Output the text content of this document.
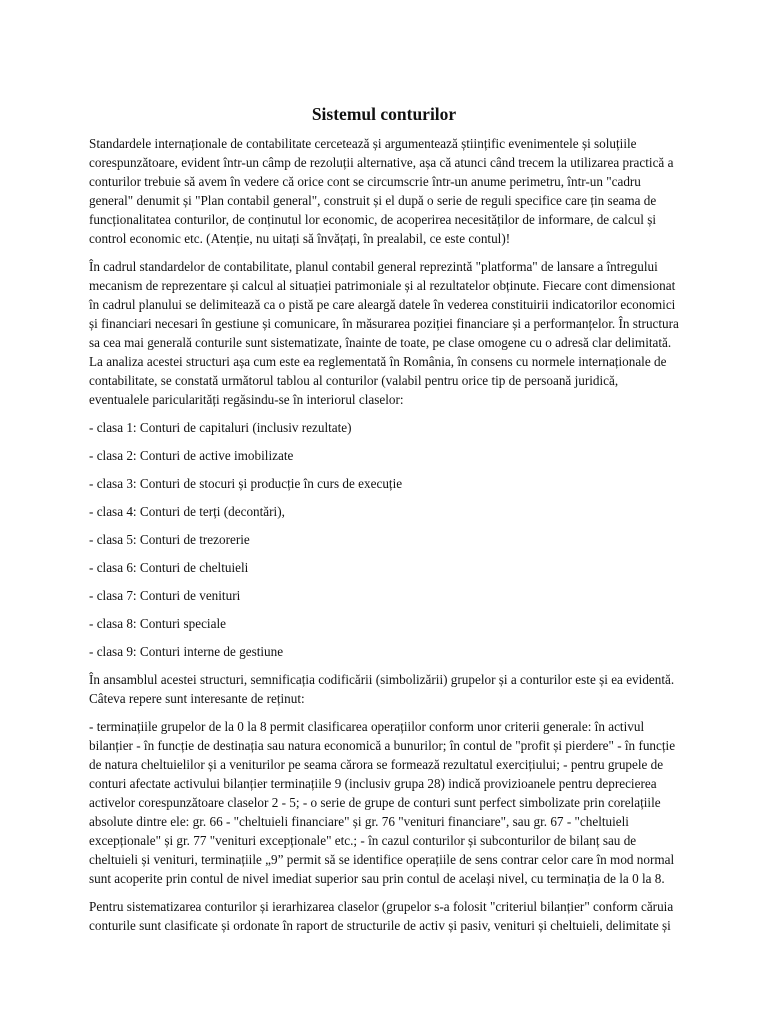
Sistemul conturilor

Standardele internaționale de contabilitate cercetează și argumentează științific evenimentele și soluțiile corespunzătoare, evident într-un câmp de rezoluții alternative, așa că atunci când trecem la utilizarea practică a conturilor trebuie să avem în vedere că orice cont se circumscrie într-un anume perimetru, într-un "cadru general" denumit și "Plan contabil general", construit și el după o serie de reguli specifice care țin seama de funcționalitatea conturilor, de conținutul lor economic, de acoperirea necesităților de informare, de calcul și control economic etc. (Atenție, nu uitați să învățați, în prealabil, ce este contul)!

În cadrul standardelor de contabilitate, planul contabil general reprezintă "platforma" de lansare a întregului mecanism de reprezentare și calcul al situației patrimoniale și al rezultatelor obținute. Fiecare cont dimensionat în cadrul planului se delimitează ca o pistă pe care aleargă datele în vederea constituirii indicatorilor economici și financiari necesari în gestiune și comunicare, în măsurarea poziției financiare și a performanțelor. În structura sa cea mai generală conturile sunt sistematizate, înainte de toate, pe clase omogene cu o adresă clar delimitată. La analiza acestei structuri așa cum este ea reglementată în România, în consens cu normele internaționale de contabilitate, se constată următorul tablou al conturilor (valabil pentru orice tip de persoană juridică, eventualele paricularități regăsindu-se în interiorul claselor:

- clasa 1: Conturi de capitaluri (inclusiv rezultate)

- clasa 2: Conturi de active imobilizate

- clasa 3: Conturi de stocuri și producție în curs de execuție

- clasa 4: Conturi de terți (decontări),

- clasa 5: Conturi de trezorerie

- clasa 6: Conturi de cheltuieli

- clasa 7: Conturi de venituri

- clasa 8: Conturi speciale

- clasa 9: Conturi interne de gestiune

În ansamblul acestei structuri, semnificația codificării (simbolizării) grupelor și a conturilor este și ea evidentă. Câteva repere sunt interesante de reținut:

- terminațiile grupelor de la 0 la 8 permit clasificarea operațiilor conform unor criterii generale: în activul bilanțier - în funcție de destinația sau natura economică a bunurilor; în contul de "profit și pierdere" - în funcție de natura cheltuielilor și a veniturilor pe seama cărora se formează rezultatul exercițiului; - pentru grupele de conturi afectate activului bilanțier terminațiile 9 (inclusiv grupa 28) indică provizioanele pentru deprecierea activelor corespunzătoare claselor 2 - 5; - o serie de grupe de conturi sunt perfect simbolizate prin corelațiile absolute dintre ele: gr. 66 - "cheltuieli financiare" și gr. 76 "venituri financiare", sau gr. 67 - "cheltuieli excepționale" și gr. 77 "venituri excepționale" etc.; - în cazul conturilor și subconturilor de bilanț sau de cheltuieli și venituri, terminațiile „9” permit să se identifice operațiile de sens contrar celor care în mod normal sunt acoperite prin contul de nivel imediat superior sau prin contul de același nivel, cu terminația de la 0 la 8.

Pentru sistematizarea conturilor și ierarhizarea claselor (grupelor s-a folosit "criteriul bilanțier" conform căruia conturile sunt clasificate și ordonate în raport de structurile de activ și pasiv, venituri și cheltuieli, delimitate și
